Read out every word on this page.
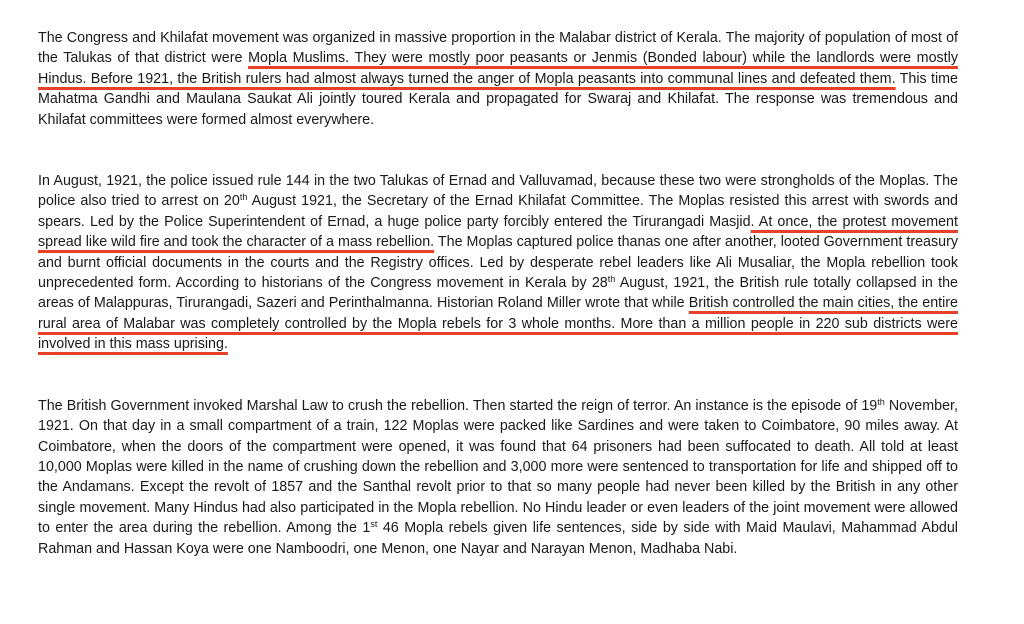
The Congress and Khilafat movement was organized in massive proportion in the Malabar district of Kerala. The majority of population of most of the Talukas of that district were Mopla Muslims. They were mostly poor peasants or Jenmis (Bonded labour) while the landlords were mostly Hindus. Before 1921, the British rulers had almost always turned the anger of Mopla peasants into communal lines and defeated them. This time Mahatma Gandhi and Maulana Saukat Ali jointly toured Kerala and propagated for Swaraj and Khilafat. The response was tremendous and Khilafat committees were formed almost everywhere.

In August, 1921, the police issued rule 144 in the two Talukas of Ernad and Valluvamad, because these two were strongholds of the Moplas. The police also tried to arrest on 20th August 1921, the Secretary of the Ernad Khilafat Committee. The Moplas resisted this arrest with swords and spears. Led by the Police Superintendent of Ernad, a huge police party forcibly entered the Tirurangadi Masjid. At once, the protest movement spread like wild fire and took the character of a mass rebellion. The Moplas captured police thanas one after another, looted Government treasury and burnt official documents in the courts and the Registry offices. Led by desperate rebel leaders like Ali Musaliar, the Mopla rebellion took unprecedented form. According to historians of the Congress movement in Kerala by 28th August, 1921, the British rule totally collapsed in the areas of Malappuras, Tirurangadi, Sazeri and Perinthalmanna. Historian Roland Miller wrote that while British controlled the main cities, the entire rural area of Malabar was completely controlled by the Mopla rebels for 3 whole months. More than a million people in 220 sub districts were involved in this mass uprising.

The British Government invoked Marshal Law to crush the rebellion. Then started the reign of terror. An instance is the episode of 19th November, 1921. On that day in a small compartment of a train, 122 Moplas were packed like Sardines and were taken to Coimbatore, 90 miles away. At Coimbatore, when the doors of the compartment were opened, it was found that 64 prisoners had been suffocated to death. All told at least 10,000 Moplas were killed in the name of crushing down the rebellion and 3,000 more were sentenced to transportation for life and shipped off to the Andamans. Except the revolt of 1857 and the Santhal revolt prior to that so many people had never been killed by the British in any other single movement. Many Hindus had also participated in the Mopla rebellion. No Hindu leader or even leaders of the joint movement were allowed to enter the area during the rebellion. Among the 1st 46 Mopla rebels given life sentences, side by side with Maid Maulavi, Mahammad Abdul Rahman and Hassan Koya were one Namboodri, one Menon, one Nayar and Narayan Menon, Madhaba Nabi.
